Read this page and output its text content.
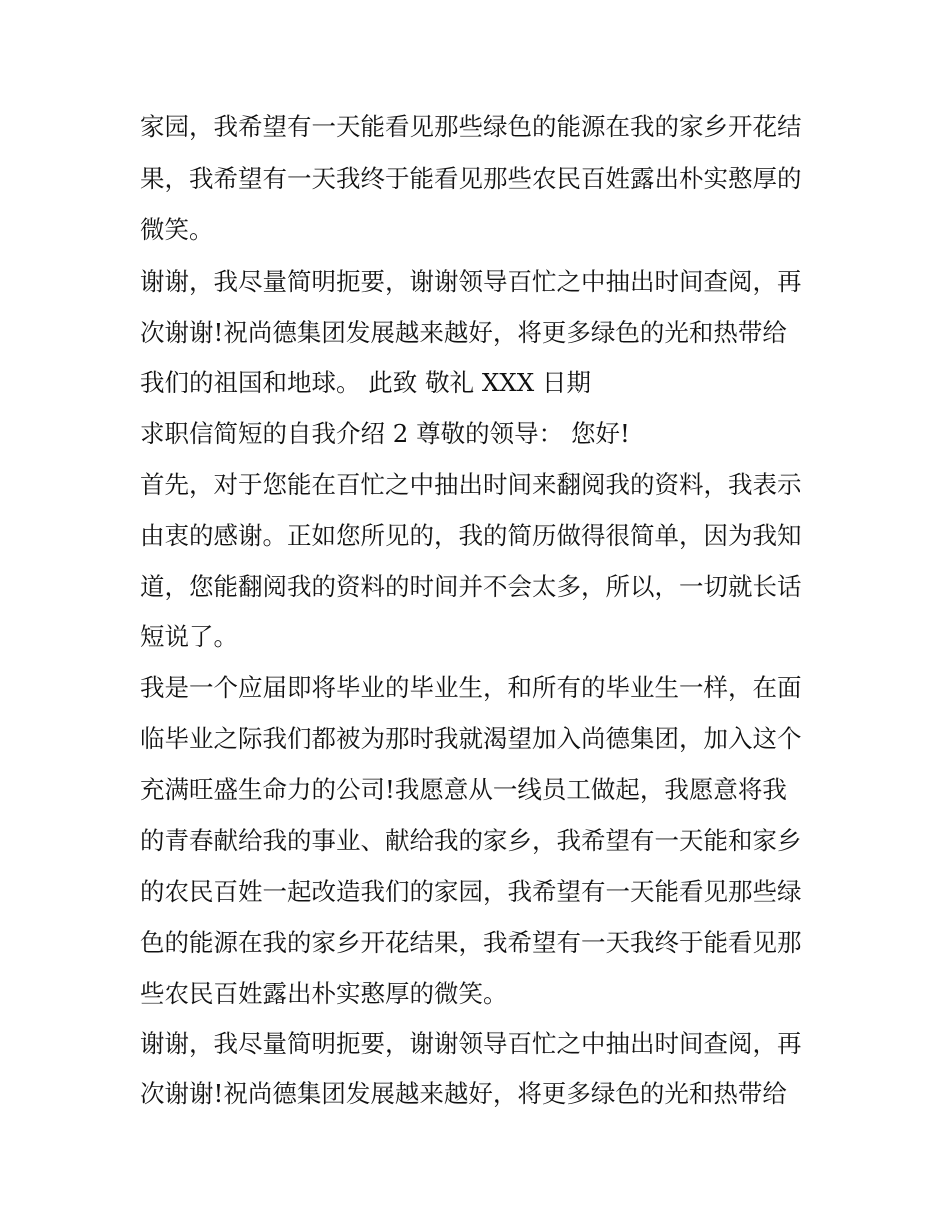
家园，我希望有一天能看见那些绿色的能源在我的家乡开花结

果，我希望有一天我终于能看见那些农民百姓露出朴实憨厚的

微笑。

谢谢，我尽量简明扼要，谢谢领导百忙之中抽出时间查阅，再

次谢谢!祝尚德集团发展越来越好，将更多绿色的光和热带给

我们的祖国和地球。 此致 敬礼 XXX 日期

求职信简短的自我介绍 2 尊敬的领导： 您好!

首先，对于您能在百忙之中抽出时间来翻阅我的资料，我表示

由衷的感谢。正如您所见的，我的简历做得很简单，因为我知

道，您能翻阅我的资料的时间并不会太多，所以，一切就长话

短说了。

我是一个应届即将毕业的毕业生，和所有的毕业生一样，在面

临毕业之际我们都被为那时我就渴望加入尚德集团，加入这个

充满旺盛生命力的公司!我愿意从一线员工做起，我愿意将我

的青春献给我的事业、献给我的家乡，我希望有一天能和家乡

的农民百姓一起改造我们的家园，我希望有一天能看见那些绿

色的能源在我的家乡开花结果，我希望有一天我终于能看见那

些农民百姓露出朴实憨厚的微笑。

谢谢，我尽量简明扼要，谢谢领导百忙之中抽出时间查阅，再

次谢谢!祝尚德集团发展越来越好，将更多绿色的光和热带给
